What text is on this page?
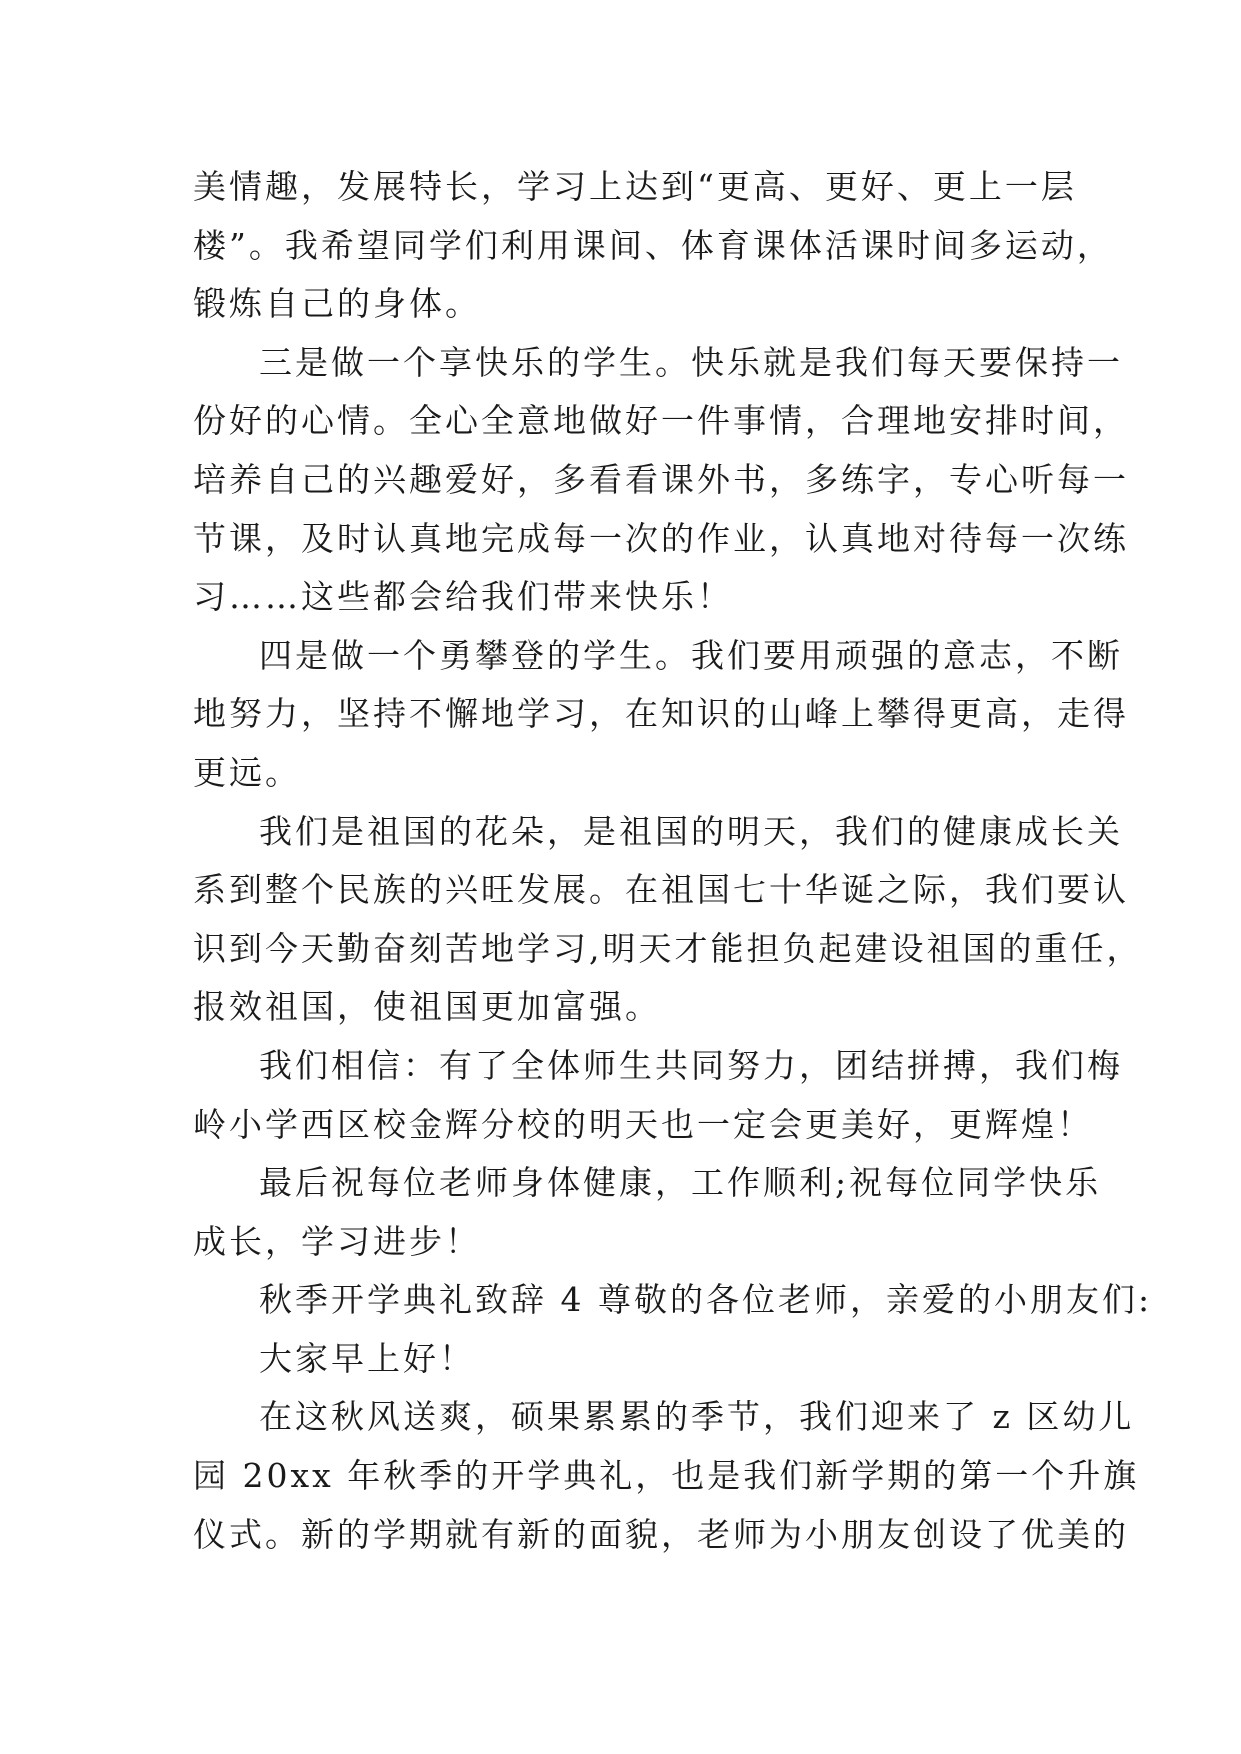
美情趣，发展特长，学习上达到“更高、更好、更上一层
楼”。我希望同学们利用课间、体育课体活课时间多运动，
锻炼自己的身体。
三是做一个享快乐的学生。快乐就是我们每天要保持一
份好的心情。全心全意地做好一件事情，合理地安排时间，
培养自己的兴趣爱好，多看看课外书，多练字，专心听每一
节课，及时认真地完成每一次的作业，认真地对待每一次练
习……这些都会给我们带来快乐！
四是做一个勇攀登的学生。我们要用顽强的意志，不断
地努力，坚持不懈地学习，在知识的山峰上攀得更高，走得
更远。
我们是祖国的花朵，是祖国的明天，我们的健康成长关
系到整个民族的兴旺发展。在祖国七十华诞之际，我们要认
识到今天勤奋刻苦地学习,明天才能担负起建设祖国的重任，
报效祖国，使祖国更加富强。
我们相信：有了全体师生共同努力，团结拼搏，我们梅
岭小学西区校金辉分校的明天也一定会更美好，更辉煌！
最后祝每位老师身体健康，工作顺利;祝每位同学快乐
成长，学习进步！
秋季开学典礼致辞 4 尊敬的各位老师，亲爱的小朋友们:
大家早上好！
在这秋风送爽，硕果累累的季节，我们迎来了 z 区幼儿
园 20xx 年秋季的开学典礼，也是我们新学期的第一个升旗
仪式。新的学期就有新的面貌，老师为小朋友创设了优美的
